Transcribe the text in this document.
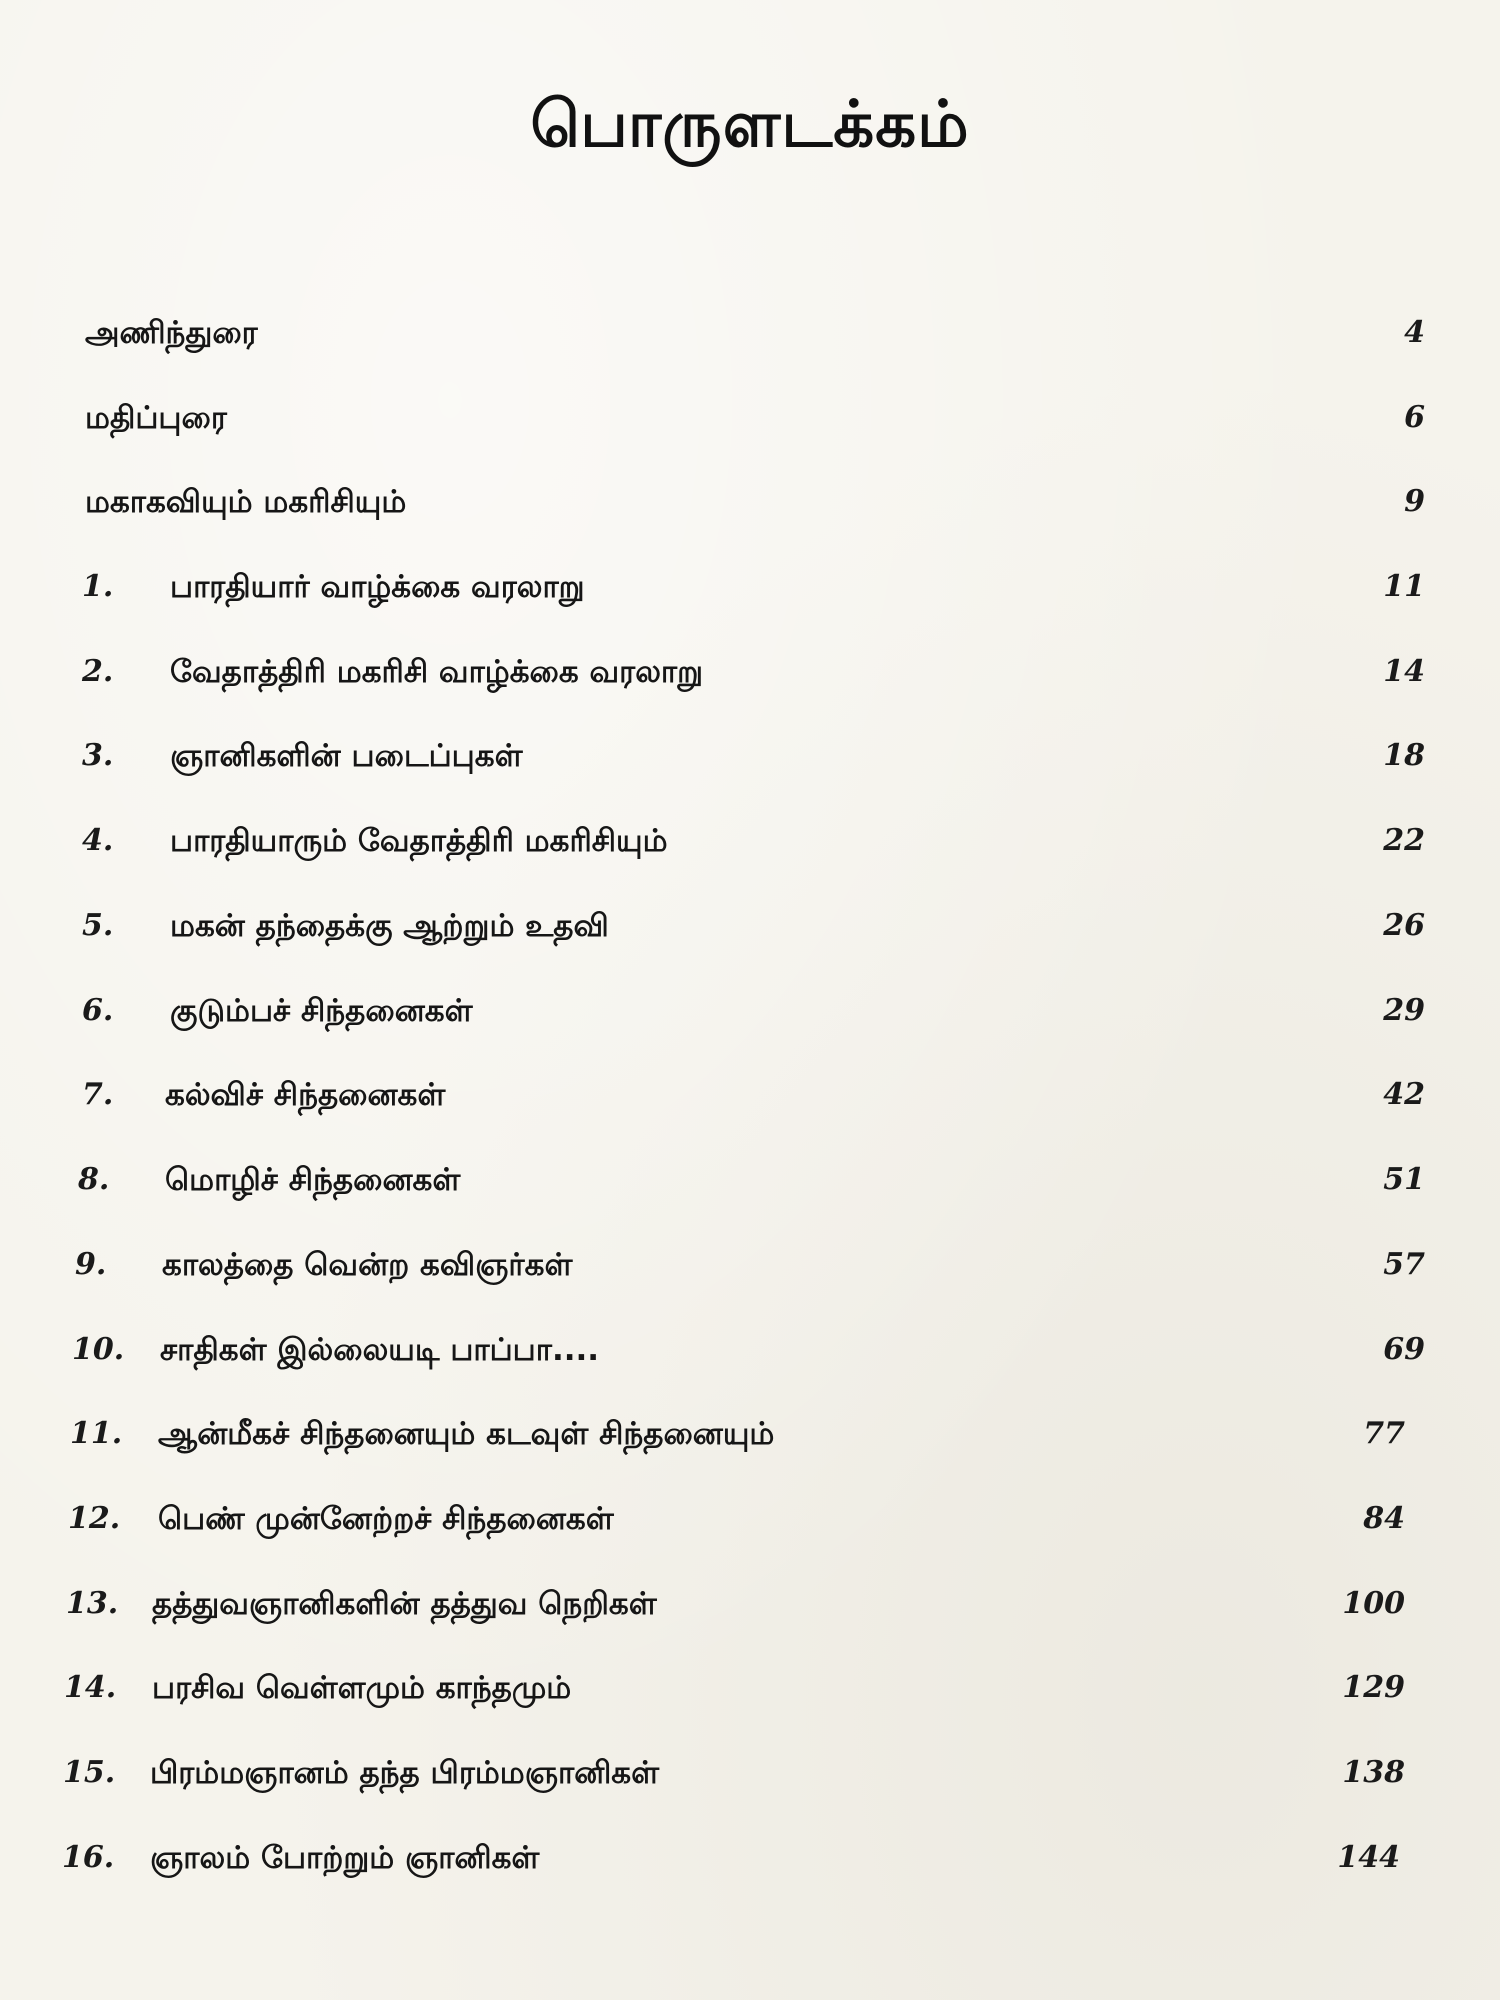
பொருளடக்கம்
அணிந்துரை	4
மதிப்புரை	6
மகாகவியும் மகரிசியும்	9
1.	பாரதியார் வாழ்க்கை வரலாறு	11
2.	வேதாத்திரி மகரிசி வாழ்க்கை வரலாறு	14
3.	ஞானிகளின் படைப்புகள்	18
4.	பாரதியாரும் வேதாத்திரி மகரிசியும்	22
5.	மகன் தந்தைக்கு ஆற்றும் உதவி	26
6.	குடும்பச் சிந்தனைகள்	29
7.	கல்விச் சிந்தனைகள்	42
8.	மொழிச் சிந்தனைகள்	51
9.	காலத்தை வென்ற கவிஞர்கள்	57
10.	சாதிகள் இல்லையடி பாப்பா....	69
11.	ஆன்மீகச் சிந்தனையும் கடவுள் சிந்தனையும்	77
12.	பெண் முன்னேற்றச் சிந்தனைகள்	84
13.	தத்துவஞானிகளின் தத்துவ நெறிகள்	100
14.	பரசிவ வெள்ளமும் காந்தமும்	129
15.	பிரம்மஞானம் தந்த பிரம்மஞானிகள்	138
16.	ஞாலம் போற்றும் ஞானிகள்	144
